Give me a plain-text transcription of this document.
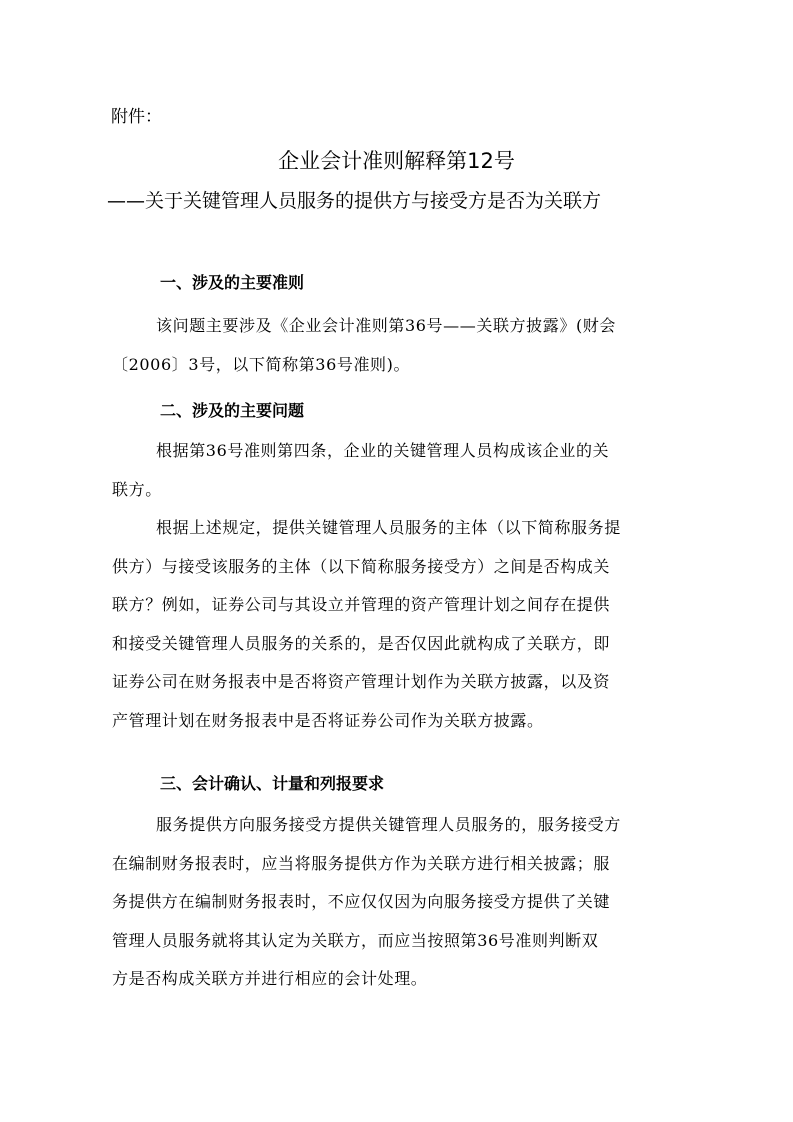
附件：
企业会计准则解释第12号
——关于关键管理人员服务的提供方与接受方是否为关联方
一、涉及的主要准则
该问题主要涉及《企业会计准则第36号——关联方披露》(财会
〔2006〕3号，以下简称第36号准则)。
二、涉及的主要问题
根据第36号准则第四条，企业的关键管理人员构成该企业的关
联方。
根据上述规定，提供关键管理人员服务的主体（以下简称服务提
供方）与接受该服务的主体（以下简称服务接受方）之间是否构成关
联方？例如，证券公司与其设立并管理的资产管理计划之间存在提供
和接受关键管理人员服务的关系的，是否仅因此就构成了关联方，即
证券公司在财务报表中是否将资产管理计划作为关联方披露，以及资
产管理计划在财务报表中是否将证券公司作为关联方披露。
三、会计确认、计量和列报要求
服务提供方向服务接受方提供关键管理人员服务的，服务接受方
在编制财务报表时，应当将服务提供方作为关联方进行相关披露；服
务提供方在编制财务报表时，不应仅仅因为向服务接受方提供了关键
管理人员服务就将其认定为关联方，而应当按照第36号准则判断双
方是否构成关联方并进行相应的会计处理。
